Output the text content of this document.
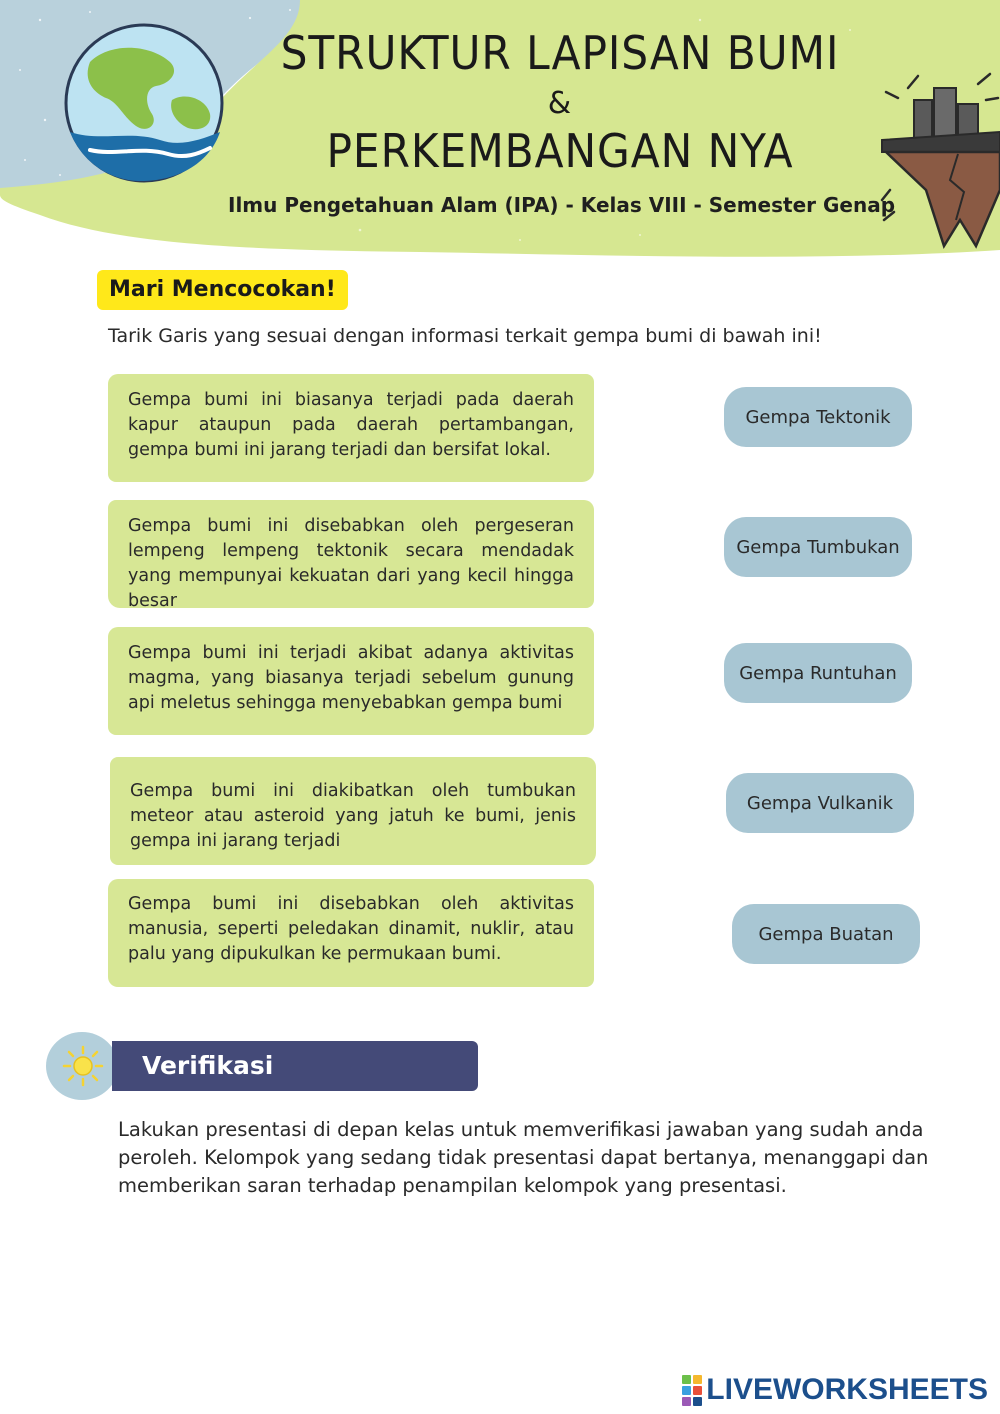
STRUKTUR LAPISAN BUMI
&
PERKEMBANGAN NYA

Ilmu Pengetahuan Alam (IPA) - Kelas VIII - Semester Genap

Mari Mencocokan!

Tarik Garis yang sesuai dengan informasi terkait gempa bumi di bawah ini!

Gempa bumi ini biasanya terjadi pada daerah kapur ataupun pada daerah pertambangan, gempa bumi ini jarang terjadi dan bersifat lokal.

Gempa bumi ini disebabkan oleh pergeseran lempeng lempeng tektonik secara mendadak yang mempunyai kekuatan dari yang kecil hingga besar

Gempa bumi ini terjadi akibat adanya aktivitas magma, yang biasanya terjadi sebelum gunung api meletus sehingga menyebabkan gempa bumi

Gempa bumi ini diakibatkan oleh tumbukan meteor atau asteroid yang jatuh ke bumi, jenis gempa ini jarang terjadi

Gempa bumi ini disebabkan oleh aktivitas manusia, seperti peledakan dinamit, nuklir, atau palu yang dipukulkan ke permukaan bumi.

Gempa Tektonik
Gempa Tumbukan
Gempa Runtuhan
Gempa Vulkanik
Gempa Buatan
Verifikasi

Lakukan presentasi di depan kelas untuk memverifikasi jawaban yang sudah anda peroleh. Kelompok yang sedang tidak presentasi dapat bertanya, menanggapi dan memberikan saran terhadap penampilan kelompok yang presentasi.

LIVEWORKSHEETS
